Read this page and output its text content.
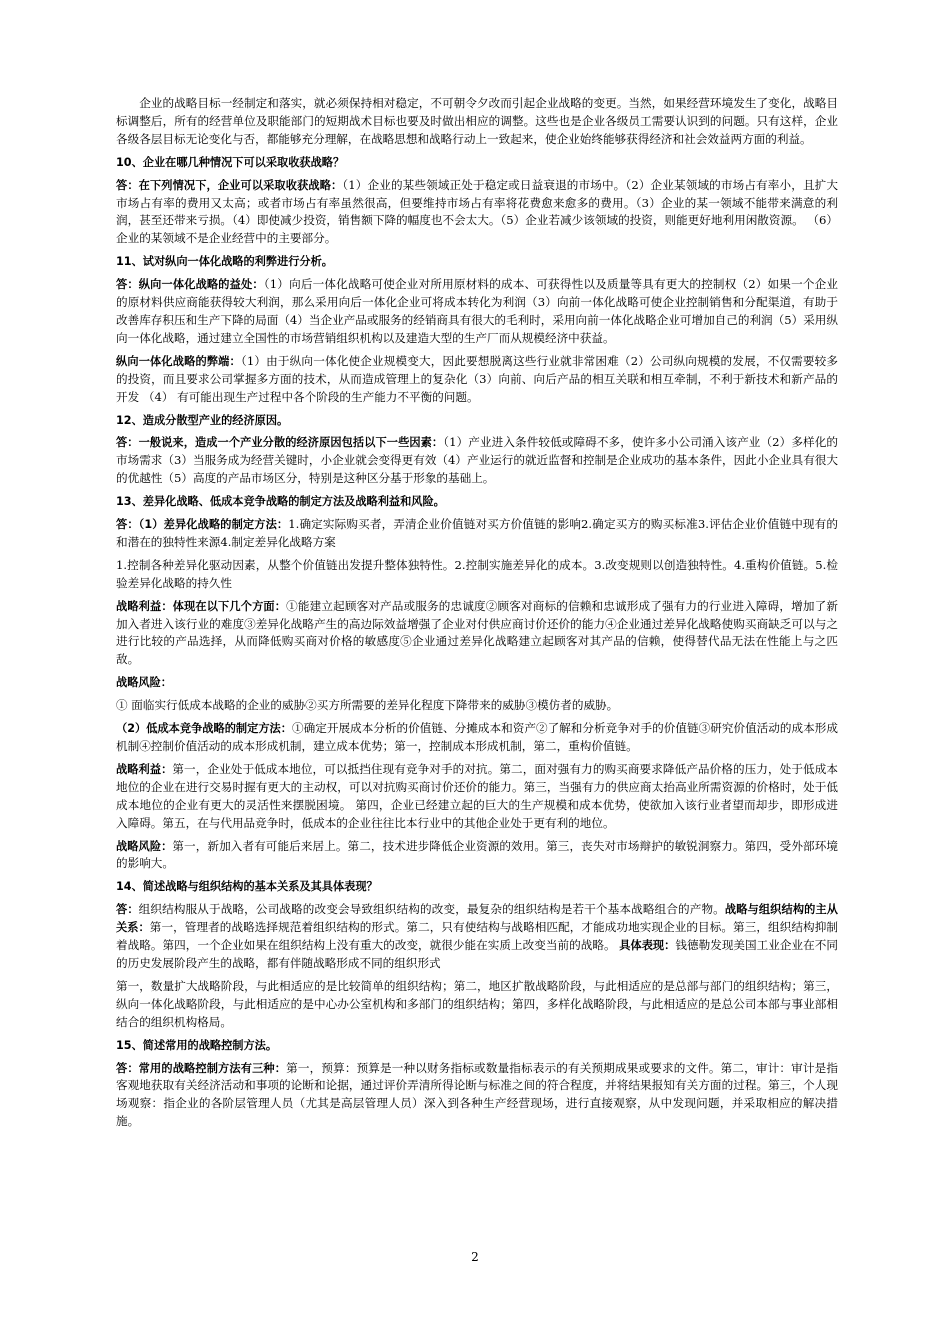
企业的战略目标一经制定和落实，就必须保持相对稳定，不可朝令夕改而引起企业战略的变更。当然，如果经营环境发生了变化，战略目标调整后，所有的经营单位及职能部门的短期战术目标也要及时做出相应的调整。这些也是企业各级员工需要认识到的问题。只有这样，企业各级各层目标无论变化与否，都能够充分理解，在战略思想和战略行动上一致起来，使企业始终能够获得经济和社会效益两方面的利益。

10、企业在哪几种情况下可以采取收获战略？

答：在下列情况下，企业可以采取收获战略：（1）企业的某些领域正处于稳定或日益衰退的市场中。（2）企业某领域的市场占有率小，且扩大市场占有率的费用又太高；或者市场占有率虽然很高，但要维持市场占有率将花费愈来愈多的费用。（3）企业的某一领域不能带来满意的利润，甚至还带来亏损。（4）即使减少投资，销售额下降的幅度也不会太大。（5）企业若减少该领域的投资，则能更好地利用闲散资源。 （6） 企业的某领域不是企业经营中的主要部分。

11、试对纵向一体化战略的利弊进行分析。

答：纵向一体化战略的益处：（1）向后一体化战略可使企业对所用原材料的成本、可获得性以及质量等具有更大的控制权（2）如果一个企业的原材料供应商能获得较大利润，那么采用向后一体化企业可将成本转化为利润（3）向前一体化战略可使企业控制销售和分配渠道，有助于改善库存积压和生产下降的局面（4）当企业产品或服务的经销商具有很大的毛利时，采用向前一体化战略企业可增加自己的利润（5）采用纵向一体化战略，通过建立全国性的市场营销组织机构以及建造大型的生产厂而从规模经济中获益。

纵向一体化战略的弊端：（1）由于纵向一体化使企业规模变大，因此要想脱离这些行业就非常困难（2）公司纵向规模的发展，不仅需要较多的投资，而且要求公司掌握多方面的技术，从而造成管理上的复杂化（3）向前、向后产品的相互关联和相互牵制，不利于新技术和新产品的开发 （4） 有可能出现生产过程中各个阶段的生产能力不平衡的问题。

12、造成分散型产业的经济原因。

答：一般说来，造成一个产业分散的经济原因包括以下一些因素：（1）产业进入条件较低或障碍不多，使许多小公司涌入该产业（2）多样化的市场需求（3）当服务成为经营关键时，小企业就会变得更有效（4）产业运行的就近监督和控制是企业成功的基本条件，因此小企业具有很大的优越性（5）高度的产品市场区分，特别是这种区分基于形象的基础上。

13、差异化战略、低成本竞争战略的制定方法及战略利益和风险。

答：（1）差异化战略的制定方法：1.确定实际购买者，弄清企业价值链对买方价值链的影响2.确定买方的购买标准3.评估企业价值链中现有的和潜在的独特性来源4.制定差异化战略方案

1.控制各种差异化驱动因素，从整个价值链出发提升整体独特性。2.控制实施差异化的成本。3.改变规则以创造独特性。4.重构价值链。5.检验差异化战略的持久性

战略利益：体现在以下几个方面：①能建立起顾客对产品或服务的忠诚度②顾客对商标的信赖和忠诚形成了强有力的行业进入障碍，增加了新加入者进入该行业的难度③差异化战略产生的高边际效益增强了企业对付供应商讨价还价的能力④企业通过差异化战略使购买商缺乏可以与之进行比较的产品选择，从而降低购买商对价格的敏感度⑤企业通过差异化战略建立起顾客对其产品的信赖，使得替代品无法在性能上与之匹敌。

战略风险：

① 面临实行低成本战略的企业的威胁②买方所需要的差异化程度下降带来的威胁③模仿者的威胁。

（2）低成本竞争战略的制定方法：①确定开展成本分析的价值链、分摊成本和资产②了解和分析竞争对手的价值链③研究价值活动的成本形成机制④控制价值活动的成本形成机制，建立成本优势；第一，控制成本形成机制，第二，重构价值链。

战略利益：第一，企业处于低成本地位，可以抵挡住现有竞争对手的对抗。第二，面对强有力的购买商要求降低产品价格的压力，处于低成本地位的企业在进行交易时握有更大的主动权，可以对抗购买商讨价还价的能力。第三，当强有力的供应商太抬高业所需资源的价格时，处于低成本地位的企业有更大的灵活性来摆脱困境。 第四，企业已经建立起的巨大的生产规模和成本优势，使欲加入该行业者望而却步，即形成进入障碍。第五，在与代用品竞争时，低成本的企业往往比本行业中的其他企业处于更有利的地位。

战略风险：第一，新加入者有可能后来居上。第二，技术进步降低企业资源的效用。第三，丧失对市场辩护的敏锐洞察力。第四，受外部环境的影响大。

14、简述战略与组织结构的基本关系及其具体表现？

答：组织结构服从于战略，公司战略的改变会导致组织结构的改变，最复杂的组织结构是若干个基本战略组合的产物。战略与组织结构的主从关系：第一，管理者的战略选择规范着组织结构的形式。第二，只有使结构与战略相匹配，才能成功地实现企业的目标。第三，组织结构抑制着战略。第四，一个企业如果在组织结构上没有重大的改变，就很少能在实质上改变当前的战略。 具体表现：钱德勒发现美国工业企业在不同的历史发展阶段产生的战略，都有伴随战略形成不同的组织形式

第一，数量扩大战略阶段，与此相适应的是比较简单的组织结构；第二，地区扩散战略阶段，与此相适应的是总部与部门的组织结构；第三，纵向一体化战略阶段，与此相适应的是中心办公室机构和多部门的组织结构；第四，多样化战略阶段，与此相适应的是总公司本部与事业部相结合的组织机构格局。

15、简述常用的战略控制方法。

答：常用的战略控制方法有三种：第一，预算：预算是一种以财务指标或数量指标表示的有关预期成果或要求的文件。第二，审计：审计是指客观地获取有关经济活动和事项的论断和论据，通过评价弄清所得论断与标准之间的符合程度，并将结果报知有关方面的过程。第三，个人现场观察：指企业的各阶层管理人员（尤其是高层管理人员）深入到各种生产经营现场，进行直接观察，从中发现问题，并采取相应的解决措施。

2
